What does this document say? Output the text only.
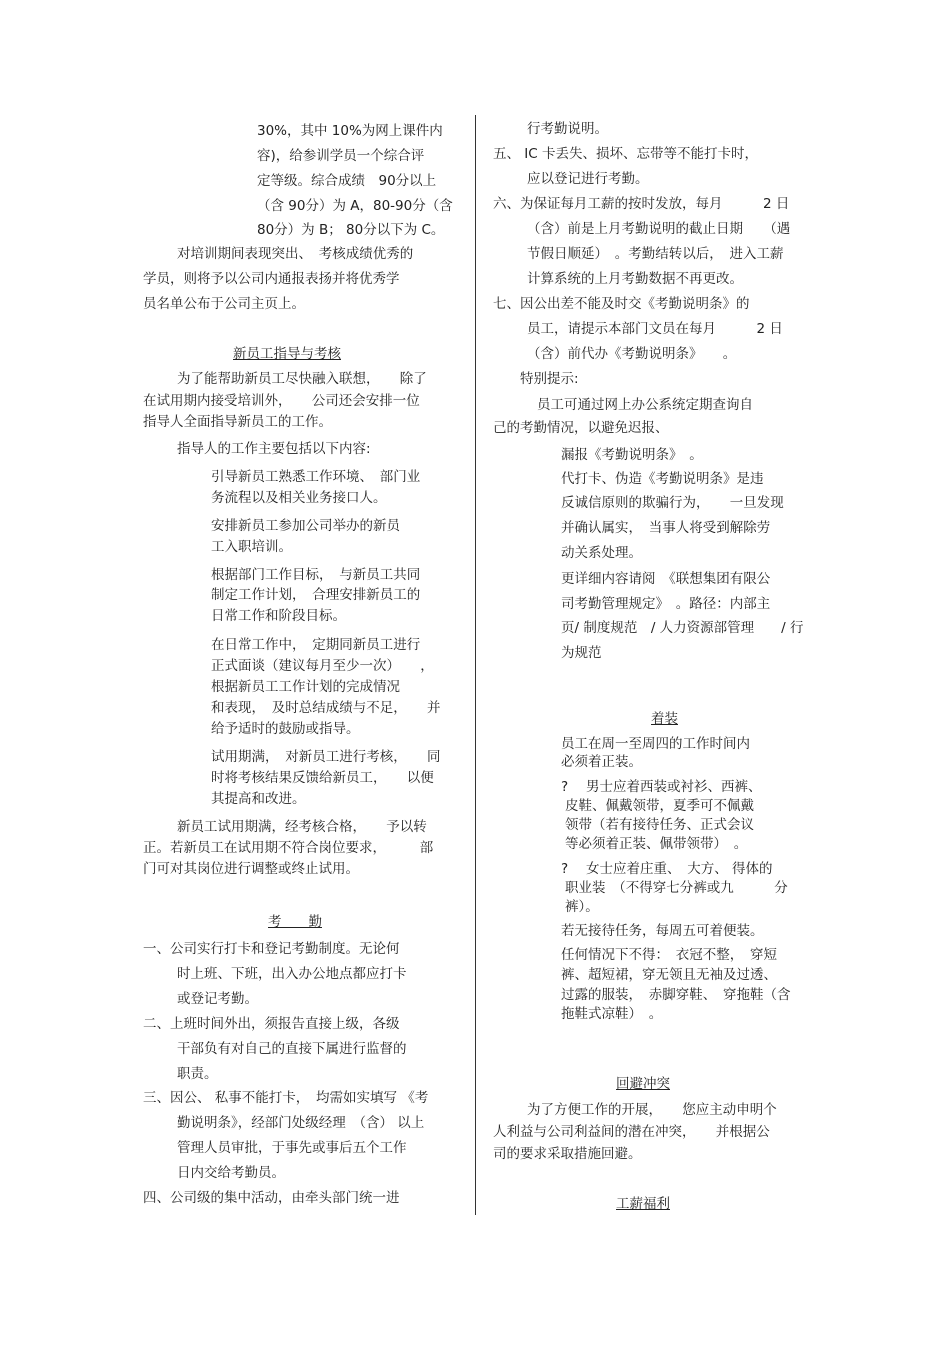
30%，其中 10%为网上课件内
容)，给参训学员一个综合评
定等级。综合成绩　90分以上
（含 90分）为 A，80-90分（含
80分）为 B； 80分以下为 C。
对培训期间表现突出、　考核成绩优秀的
学员，则将予以公司内通报表扬并将优秀学
员名单公布于公司主页上。
新员工指导与考核
为了能帮助新员工尽快融入联想，　　除了
在试用期内接受培训外，　　公司还会安排一位
指导人全面指导新员工的工作。
指导人的工作主要包括以下内容:
引导新员工熟悉工作环境、　部门业
务流程以及相关业务接口人。
安排新员工参加公司举办的新员
工入职培训。
根据部门工作目标，　与新员工共同
制定工作计划，　合理安排新员工的
日常工作和阶段目标。
在日常工作中，　定期同新员工进行
正式面谈（建议每月至少一次）　　，
根据新员工工作计划的完成情况
和表现，　及时总结成绩与不足，　　并
给予适时的鼓励或指导。
试用期满，　对新员工进行考核，　　同
时将考核结果反馈给新员工，　　以便
其提高和改进。
新员工试用期满，经考核合格，　　予以转
正。若新员工在试用期不符合岗位要求，　　　部
门可对其岗位进行调整或终止试用。
考　　勤
一、公司实行打卡和登记考勤制度。无论何
时上班、下班，出入办公地点都应打卡
或登记考勤。
二、上班时间外出，须报告直接上级，各级
干部负有对自己的直接下属进行监督的
职责。
三、因公、 私事不能打卡，　均需如实填写 《考
勤说明条》，经部门处级经理　（含） 以上
管理人员审批，于事先或事后五个工作
日内交给考勤员。
四、公司级的集中活动，由牵头部门统一进
行考勤说明。
五、 IC 卡丢失、损坏、忘带等不能打卡时，
应以登记进行考勤。
六、为保证每月工薪的按时发放，每月　　　2 日
（含）前是上月考勤说明的截止日期　　（遇
节假日顺延）　。考勤结转以后，　进入工薪
计算系统的上月考勤数据不再更改。
七、因公出差不能及时交《考勤说明条》的
员工，请提示本部门文员在每月　　　2 日
（含）前代办《考勤说明条》　　。
特别提示:
员工可通过网上办公系统定期查询自
己的考勤情况，以避免迟报、
漏报《考勤说明条》　。
代打卡、伪造《考勤说明条》是违
反诚信原则的欺骗行为，　　一旦发现
并确认属实，　当事人将受到解除劳
动关系处理。
更详细内容请阅　《联想集团有限公
司考勤管理规定》　。路径：内部主
页/ 制度规范　/ 人力资源部管理　　/ 行
为规范
着装
员工在周一至周四的工作时间内
必须着正装。
?　 男士应着西装或衬衫、西裤、
皮鞋、佩戴领带，夏季可不佩戴
领带（若有接待任务、正式会议
等必须着正装、佩带领带）　。
?　 女士应着庄重、　大方、 得体的
职业装　（不得穿七分裤或九　　　分
裤）。
若无接待任务，每周五可着便装。
任何情况下不得：　衣冠不整，　穿短
裤、超短裙，穿无领且无袖及过透、
过露的服装，　赤脚穿鞋、　穿拖鞋（含
拖鞋式凉鞋）　。
回避冲突
为了方便工作的开展，　　您应主动申明个
人利益与公司利益间的潜在冲突，　　并根据公
司的要求采取措施回避。
工薪福利
